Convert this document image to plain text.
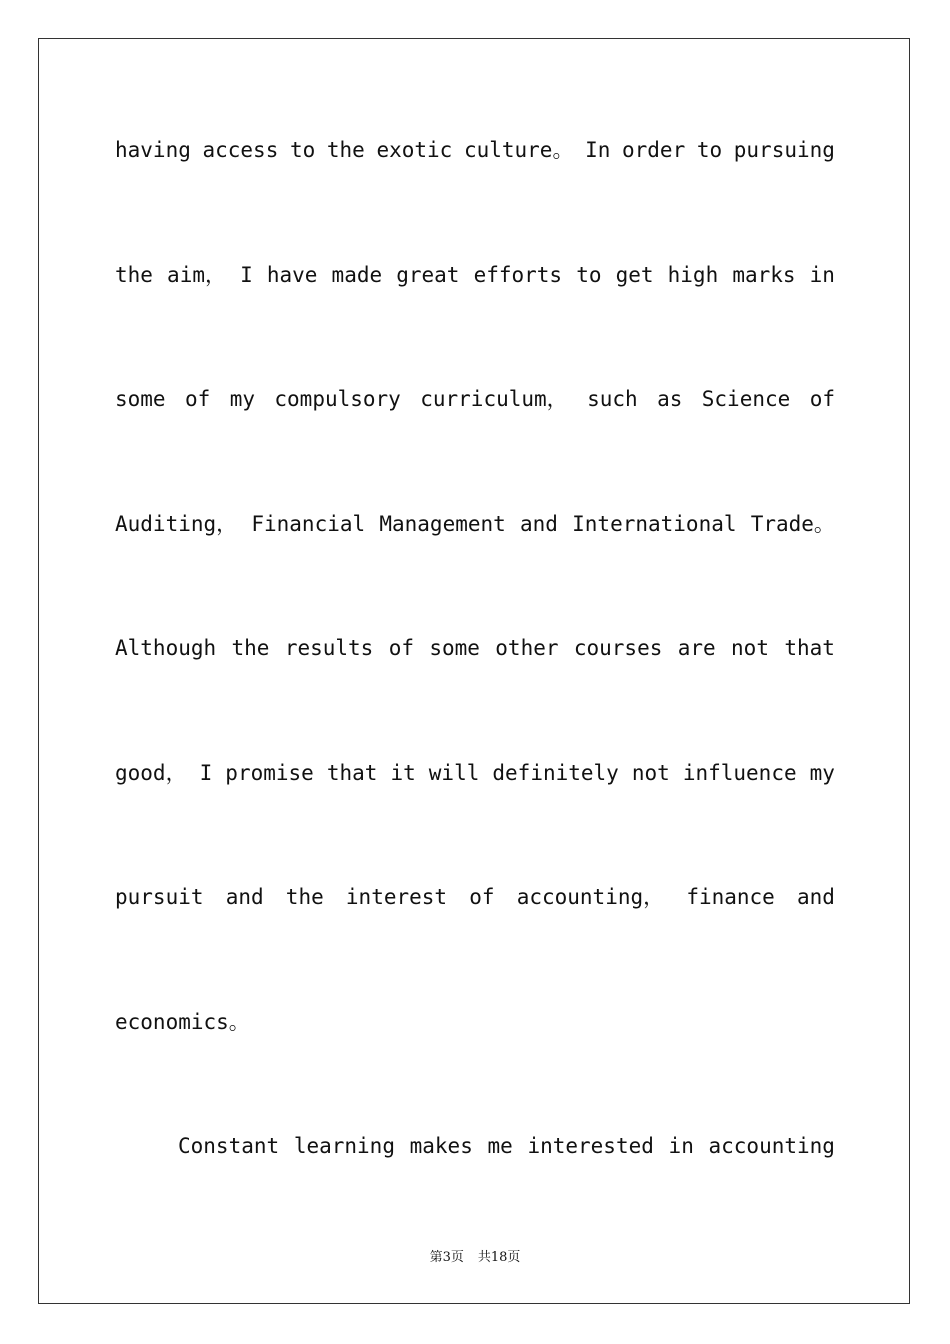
having access to the exotic culture。 In order to pursuing
the aim， I have made great efforts to get high marks in
some of my compulsory curriculum， such as Science of
Auditing， Financial Management and International Trade。
Although the results of some other courses are not that
good， I promise that it will definitely not influence my
pursuit and the interest of accounting， finance and
economics。
Constant learning makes me interested in accounting
第3页 共18页
